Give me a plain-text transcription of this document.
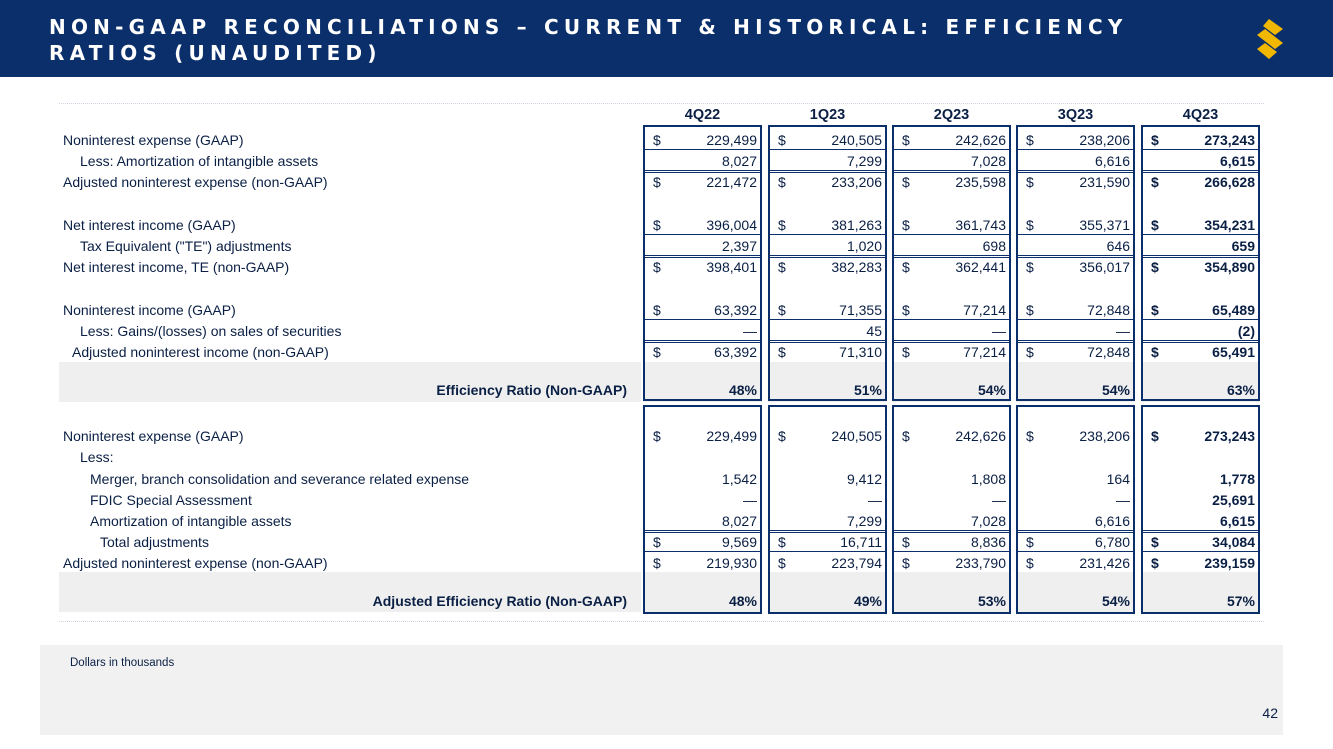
NON-GAAP RECONCILIATIONS – CURRENT & HISTORICAL: EFFICIENCY RATIOS (UNAUDITED)
4Q22	1Q23	2Q23	3Q23	4Q23
Noninterest expense (GAAP)	$	229,499 $	240,505 $	242,626 $	238,206 $	273,243
Less: Amortization of intangible assets	8,027	7,299	7,028	6,616	6,615
Adjusted noninterest expense (non-GAAP)	$	221,472 $	233,206 $	235,598 $	231,590 $	266,628
Net interest income (GAAP)	$	396,004 $	381,263 $	361,743 $	355,371 $	354,231
Tax Equivalent ("TE") adjustments	2,397	1,020	698	646	659
Net interest income, TE (non-GAAP)	$	398,401 $	382,283 $	362,441 $	356,017 $	354,890
Noninterest income (GAAP)	$	63,392 $	71,355 $	77,214 $	72,848 $	65,489
Less: Gains/(losses) on sales of securities	—	45	—	—	(2)
Adjusted noninterest income (non-GAAP)	$	63,392 $	71,310 $	77,214 $	72,848 $	65,491
Efficiency Ratio (Non-GAAP)	48%	51%	54%	54%	63%
Noninterest expense (GAAP)	$	229,499 $	240,505 $	242,626 $	238,206 $	273,243
Less:
Merger, branch consolidation and severance related expense	1,542	9,412	1,808	164	1,778
FDIC Special Assessment	—	—	—	—	25,691
Amortization of intangible assets	8,027	7,299	7,028	6,616	6,615
Total adjustments	$	9,569 $	16,711 $	8,836 $	6,780 $	34,084
Adjusted noninterest expense (non-GAAP)	$	219,930 $	223,794 $	233,790 $	231,426 $	239,159
Adjusted Efficiency Ratio (Non-GAAP)	48%	49%	53%	54%	57%
Dollars in thousands
42
